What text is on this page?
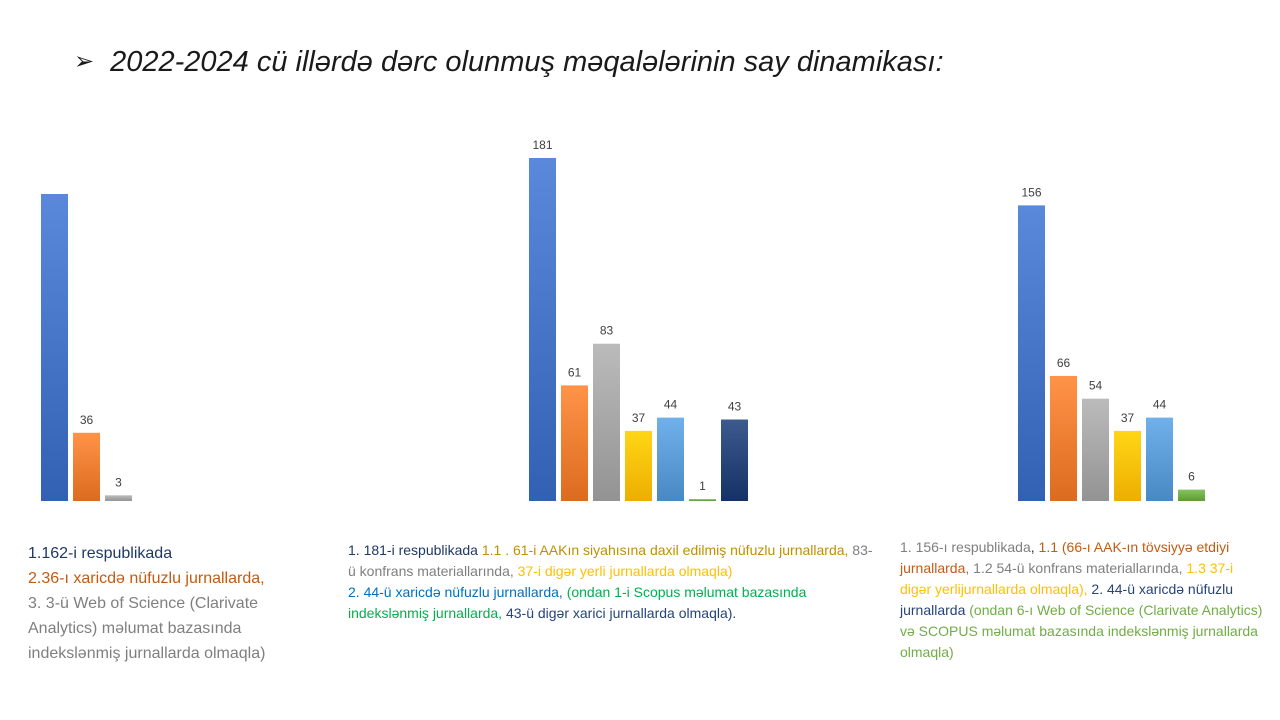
➢ 2022-2024 cü illərdə dərc olunmuş məqalələrinin say dinamikası:
36
3
181
61
83
37
44
1
43
156
66
54
37
44
6
1.162-i respublikada
2.36-ı xaricdə nüfuzlu jurnallarda,
3. 3-ü Web of Science (Clarivate Analytics) məlumat bazasında indekslənmiş jurnallarda olmaqla)
1. 181-i respublikada 1.1 . 61-i AAKın siyahısına daxil edilmiş nüfuzlu jurnallarda, 83-ü konfrans materiallarında, 37-i digər yerli jurnallarda olmaqla)
2. 44-ü xaricdə nüfuzlu jurnallarda, (ondan 1-i Scopus məlumat bazasında indekslənmiş jurnallarda, 43-ü digər xarici jurnallarda olmaqla).
1. 156-ı respublikada, 1.1 (66-ı AAK-ın tövsiyyə etdiyi jurnallarda, 1.2 54-ü konfrans materiallarında, 1.3 37-i digər yerlijurnallarda olmaqla), 2. 44-ü xaricdə nüfuzlu jurnallarda (ondan 6-ı Web of Science (Clarivate Analytics) və SCOPUS məlumat bazasında indekslənmiş jurnallarda olmaqla)
